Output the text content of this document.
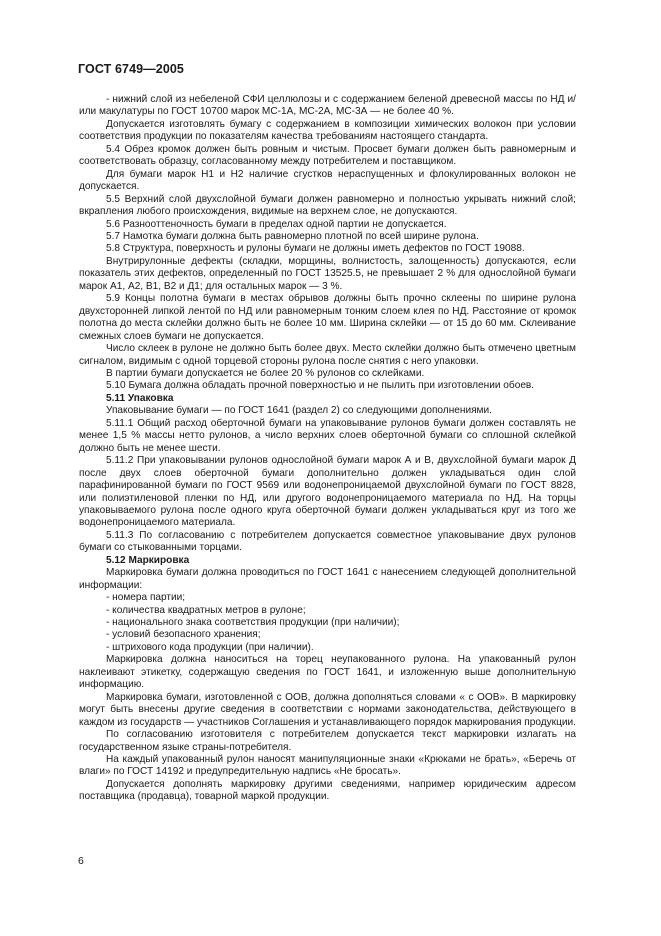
ГОСТ 6749—2005

- нижний слой из небеленой СФИ целлюлозы и с содержанием беленой древесной массы по НД и/или макулатуры по ГОСТ 10700 марок МС-1А, МС-2А, МС-3А — не более 40 %.

Допускается изготовлять бумагу с содержанием в композиции химических волокон при условии соответствия продукции по показателям качества требованиям настоящего стандарта.

5.4 Обрез кромок должен быть ровным и чистым. Просвет бумаги должен быть равномерным и соответствовать образцу, согласованному между потребителем и поставщиком.

Для бумаги марок Н1 и Н2 наличие сгустков нераспущенных и флокулированных волокон не допускается.

5.5 Верхний слой двухслойной бумаги должен равномерно и полностью укрывать нижний слой; вкрапления любого происхождения, видимые на верхнем слое, не допускаются.

5.6 Разнооттеночность бумаги в пределах одной партии не допускается.

5.7 Намотка бумаги должна быть равномерно плотной по всей ширине рулона.

5.8 Структура, поверхность и рулоны бумаги не должны иметь дефектов по ГОСТ 19088.

Внутрирулонные дефекты (складки, морщины, волнистость, залощенность) допускаются, если показатель этих дефектов, определенный по ГОСТ 13525.5, не превышает 2 % для однослойной бумаги марок А1, А2, В1, В2 и Д1; для остальных марок — 3 %.

5.9 Концы полотна бумаги в местах обрывов должны быть прочно склеены по ширине рулона двухсторонней липкой лентой по НД или равномерным тонким слоем клея по НД. Расстояние от кромок полотна до места склейки должно быть не более 10 мм. Ширина склейки — от 15 до 60 мм. Склеивание смежных слоев бумаги не допускается.

Число склеек в рулоне не должно быть более двух. Место склейки должно быть отмечено цветным сигналом, видимым с одной торцевой стороны рулона после снятия с него упаковки.

В партии бумаги допускается не более 20 % рулонов со склейками.

5.10 Бумага должна обладать прочной поверхностью и не пылить при изготовлении обоев.

5.11 Упаковка

Упаковывание бумаги — по ГОСТ 1641 (раздел 2) со следующими дополнениями.

5.11.1 Общий расход оберточной бумаги на упаковывание рулонов бумаги должен составлять не менее 1,5 % массы нетто рулонов, а число верхних слоев оберточной бумаги со сплошной склейкой должно быть не менее шести.

5.11.2 При упаковывании рулонов однослойной бумаги марок А и В, двухслойной бумаги марок Д после двух слоев оберточной бумаги дополнительно должен укладываться один слой парафинированной бумаги по ГОСТ 9569 или водонепроницаемой двухслойной бумаги по ГОСТ 8828, или полиэтиленовой пленки по НД, или другого водонепроницаемого материала по НД. На торцы упаковываемого рулона после одного круга оберточной бумаги должен укладываться круг из того же водонепроницаемого материала.

5.11.3 По согласованию с потребителем допускается совместное упаковывание двух рулонов бумаги со стыкованными торцами.

5.12 Маркировка

Маркировка бумаги должна проводиться по ГОСТ 1641 с нанесением следующей дополнительной информации:

- номера партии;

- количества квадратных метров в рулоне;

- национального знака соответствия продукции (при наличии);

- условий безопасного хранения;

- штрихового кода продукции (при наличии).

Маркировка должна наноситься на торец неупакованного рулона. На упакованный рулон наклеивают этикетку, содержащую сведения по ГОСТ 1641, и изложенную выше дополнительную информацию.

Маркировка бумаги, изготовленной с ООВ, должна дополняться словами « с ООВ». В маркировку могут быть внесены другие сведения в соответствии с нормами законодательства, действующего в каждом из государств — участников Соглашения и устанавливающего порядок маркирования продукции.

По согласованию изготовителя с потребителем допускается текст маркировки излагать на государственном языке страны-потребителя.

На каждый упакованный рулон наносят манипуляционные знаки «Крюками не брать», «Беречь от влаги» по ГОСТ 14192 и предупредительную надпись «Не бросать».

Допускается дополнять маркировку другими сведениями, например юридическим адресом поставщика (продавца), товарной маркой продукции.

6
